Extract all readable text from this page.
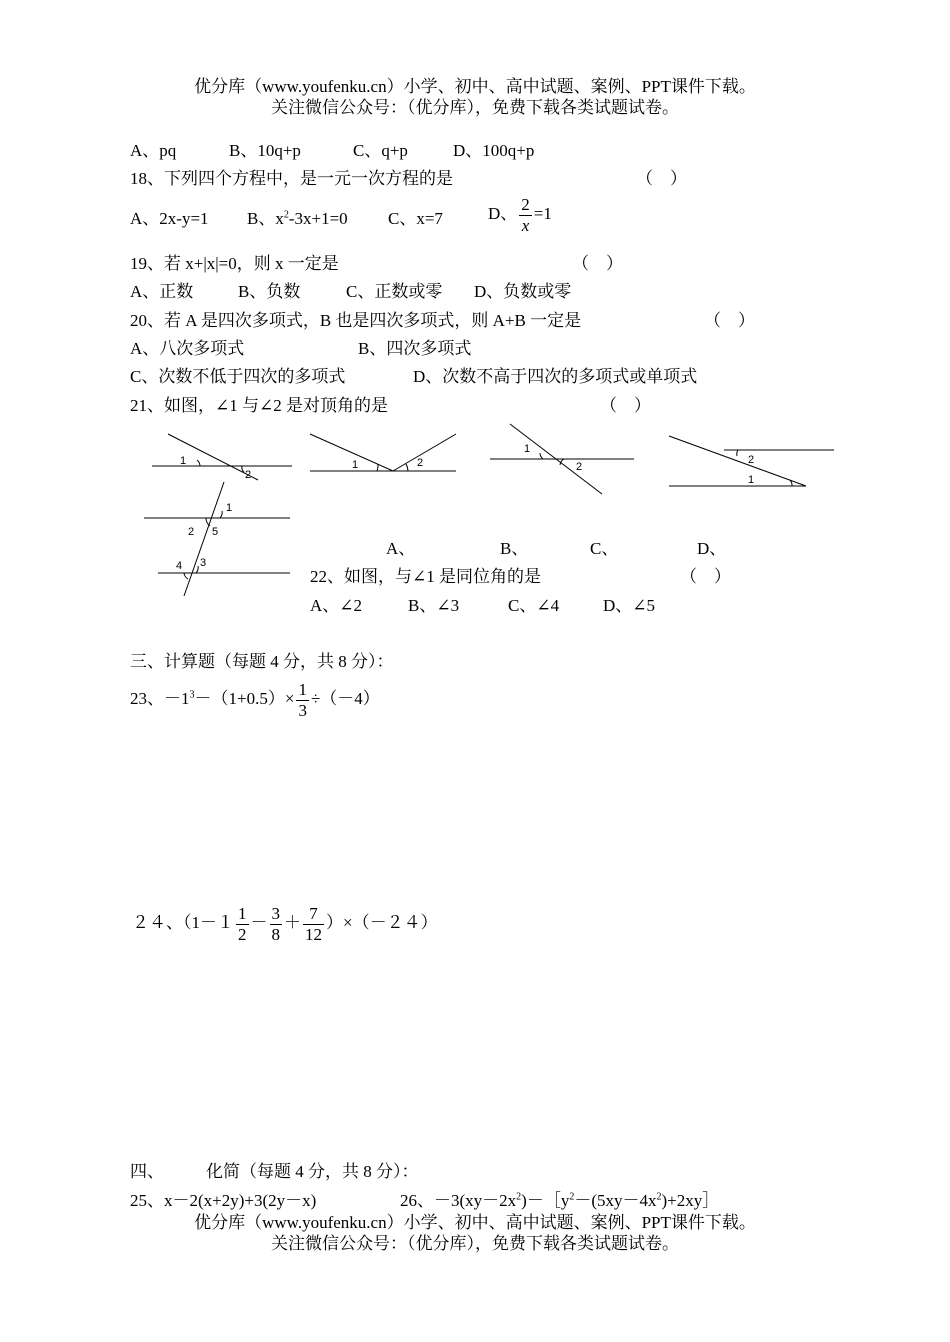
优分库（www.youfenku.cn）小学、初中、高中试题、案例、PPT课件下载。
关注微信公众号：（优分库），免费下载各类试题试卷。
A、pq	B、10q+p	C、q+p	D、100q+p
18、下列四个方程中，是一元一次方程的是	（　）
A、2x-y=1 B、$x^2-3x+1=0$ C、x=7	D、 $\frac{2}{x} =1$
19、若 x+|x|=0，则 x 一定是	（　）
A、正数	B、负数	C、正数或零 D、负数或零
20、若 A 是四次多项式，B 也是四次多项式，则 A+B 一定是	（　）
A、八次多项式	B、四次多项式
C、次数不低于四次的多项式	D、次数不高于四次的多项式或单项式
21、如图，∠1 与∠2 是对顶角的是	（　）
1
2
1	2
1
2
2
1
1
2 5
4 3
A、	B、	C、	D、
22、如图，与∠1 是同位角的是	（　）
A、∠2	B、∠3	C、∠4	D、∠5
三、计算题（每题 4 分，共 8 分）：
23、$-1^3-(1+0.5)\times \frac{1}{3} \div(-4)$
２４、$(1-1 \frac{1}{2} - \frac{3}{8} + \frac{7}{12} )\times(-24)$
四、 化简（每题 4 分，共 8 分）：
25、x－2(x+2y)+3(2y－x)	26、$-3(xy-2x^2)-[y^2-(5xy-4x^2)+2xy]$
优分库（www.youfenku.cn）小学、初中、高中试题、案例、PPT课件下载。
关注微信公众号：（优分库），免费下载各类试题试卷。
